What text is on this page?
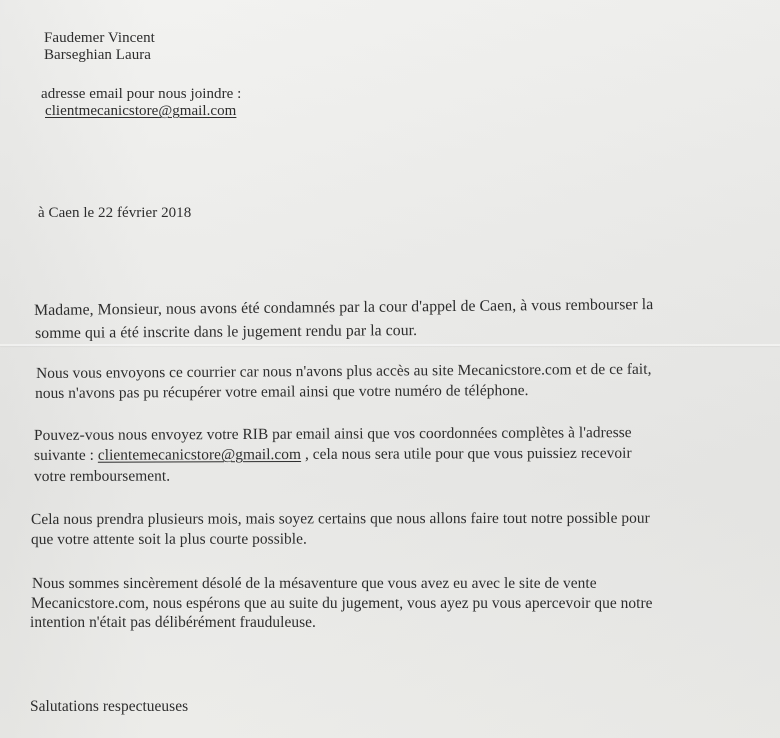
Faudemer Vincent
Barseghian Laura
adresse email pour nous joindre :
clientmecanicstore@gmail.com
à Caen le 22 février 2018
Madame, Monsieur, nous avons été condamnés par la cour d'appel de Caen, à vous rembourser la
somme qui a été inscrite dans le jugement rendu par la cour.
Nous vous envoyons ce courrier car nous n'avons plus accès au site Mecanicstore.com et de ce fait,
nous n'avons pas pu récupérer votre email ainsi que votre numéro de téléphone.
Pouvez-vous nous envoyez votre RIB par email ainsi que vos coordonnées complètes à l'adresse
suivante : clientemecanicstore@gmail.com , cela nous sera utile pour que vous puissiez recevoir
votre remboursement.
Cela nous prendra plusieurs mois, mais soyez certains que nous allons faire tout notre possible pour
que votre attente soit la plus courte possible.
Nous sommes sincèrement désolé de la mésaventure que vous avez eu avec le site de vente
Mecanicstore.com, nous espérons que au suite du jugement, vous ayez pu vous apercevoir que notre
intention n'était pas délibérément frauduleuse.
Salutations respectueuses
